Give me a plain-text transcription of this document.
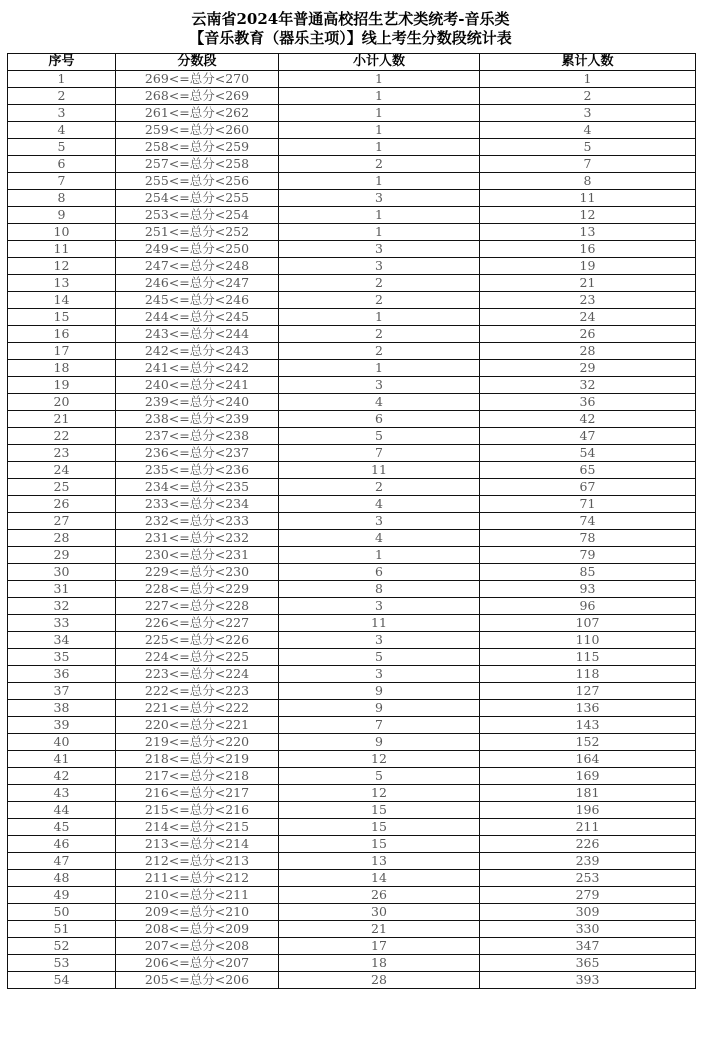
云南省2024年普通高校招生艺术类统考-音乐类
【音乐教育（器乐主项）】线上考生分数段统计表
序号	分数段	小计人数	累计人数
1	269<=总分<270	1	1
2	268<=总分<269	1	2
3	261<=总分<262	1	3
4	259<=总分<260	1	4
5	258<=总分<259	1	5
6	257<=总分<258	2	7
7	255<=总分<256	1	8
8	254<=总分<255	3	11
9	253<=总分<254	1	12
10	251<=总分<252	1	13
11	249<=总分<250	3	16
12	247<=总分<248	3	19
13	246<=总分<247	2	21
14	245<=总分<246	2	23
15	244<=总分<245	1	24
16	243<=总分<244	2	26
17	242<=总分<243	2	28
18	241<=总分<242	1	29
19	240<=总分<241	3	32
20	239<=总分<240	4	36
21	238<=总分<239	6	42
22	237<=总分<238	5	47
23	236<=总分<237	7	54
24	235<=总分<236	11	65
25	234<=总分<235	2	67
26	233<=总分<234	4	71
27	232<=总分<233	3	74
28	231<=总分<232	4	78
29	230<=总分<231	1	79
30	229<=总分<230	6	85
31	228<=总分<229	8	93
32	227<=总分<228	3	96
33	226<=总分<227	11	107
34	225<=总分<226	3	110
35	224<=总分<225	5	115
36	223<=总分<224	3	118
37	222<=总分<223	9	127
38	221<=总分<222	9	136
39	220<=总分<221	7	143
40	219<=总分<220	9	152
41	218<=总分<219	12	164
42	217<=总分<218	5	169
43	216<=总分<217	12	181
44	215<=总分<216	15	196
45	214<=总分<215	15	211
46	213<=总分<214	15	226
47	212<=总分<213	13	239
48	211<=总分<212	14	253
49	210<=总分<211	26	279
50	209<=总分<210	30	309
51	208<=总分<209	21	330
52	207<=总分<208	17	347
53	206<=总分<207	18	365
54	205<=总分<206	28	393
